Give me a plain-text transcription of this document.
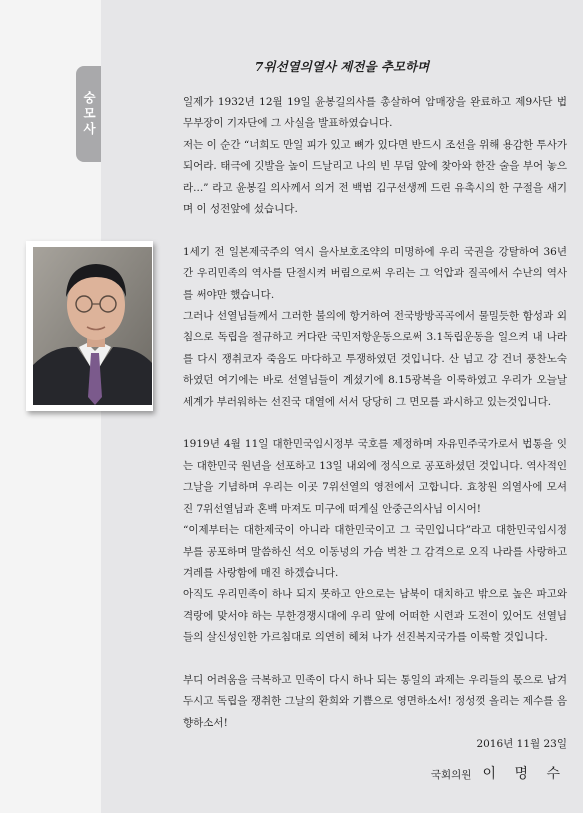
숭모사
7위선열의열사 제전을 추모하며

일제가 1932년 12월 19일 윤봉길의사를 총살하여 암매장을 완료하고 제9사단 법무부장이 기자단에 그 사실을 발표하였습니다.

저는 이 순간 “너희도 만일 피가 있고 뼈가 있다면 반드시 조선을 위해 용감한 투사가 되어라. 태극에 깃발을 높이 드날리고 나의 빈 무덤 앞에 찾아와 한잔 술을 부어 놓으라...” 라고 윤봉길 의사께서 의거 전 백범 김구선생께 드린 유촉시의 한 구절을 새기며 이 성전앞에 섰습니다.

1세기 전 일본제국주의 역시 을사보호조약의 미명하에 우리 국권을 강탈하여 36년간 우리민족의 역사를 단절시켜 버림으로써 우리는 그 억압과 질곡에서 수난의 역사를 써야만 했습니다.

그러나 선열님들께서 그러한 불의에 항거하여 전국방방곡곡에서 물밀듯한 함성과 외침으로 독립을 절규하고 커다란 국민저항운동으로써 3.1독립운동을 일으켜 내 나라를 다시 쟁취코자 죽음도 마다하고 투쟁하였던 것입니다. 산 넘고 강 건너 풍찬노숙 하였던 여기에는 바로 선열님들이 계셨기에 8.15광복을 이룩하였고 우리가 오늘날 세계가 부러워하는 선진국 대열에 서서 당당히 그 면모를 과시하고 있는것입니다.

1919년 4월 11일 대한민국임시정부 국호를 제정하며 자유민주국가로서 법통을 잇는 대한민국 원년을 선포하고 13일 내외에 정식으로 공포하셨던 것입니다. 역사적인 그날을 기념하며 우리는 이곳 7위선열의 영전에서 고합니다. 효창원 의열사에 모셔진 7위선열님과 혼백 마져도 미구에 떠게실 안중근의사님 이시어!

“이제부터는 대한제국이 아니라 대한민국이고 그 국민입니다”라고 대한민국임시정부를 공포하며 말씀하신 석오 이동녕의 가슴 벅찬 그 감격으로 오직 나라를 사랑하고 겨레를 사랑함에 매진 하겠습니다.

아직도 우리민족이 하나 되지 못하고 안으로는 남북이 대치하고 밖으로 높은 파고와 격랑에 맞서야 하는 무한경쟁시대에 우리 앞에 어떠한 시련과 도전이 있어도 선열님들의 살신성인한 가르침대로 의연히 헤쳐 나가 선진복지국가를 이룩할 것입니다.

부디 어려움을 극복하고 민족이 다시 하나 되는 통일의 과제는 우리들의 몫으로 남겨두시고 독립을 쟁취한 그날의 환희와 기쁨으로 영면하소서! 정성껏 올리는 제수를 음향하소서!

2016년 11월 23일
국회의원 이 명 수
